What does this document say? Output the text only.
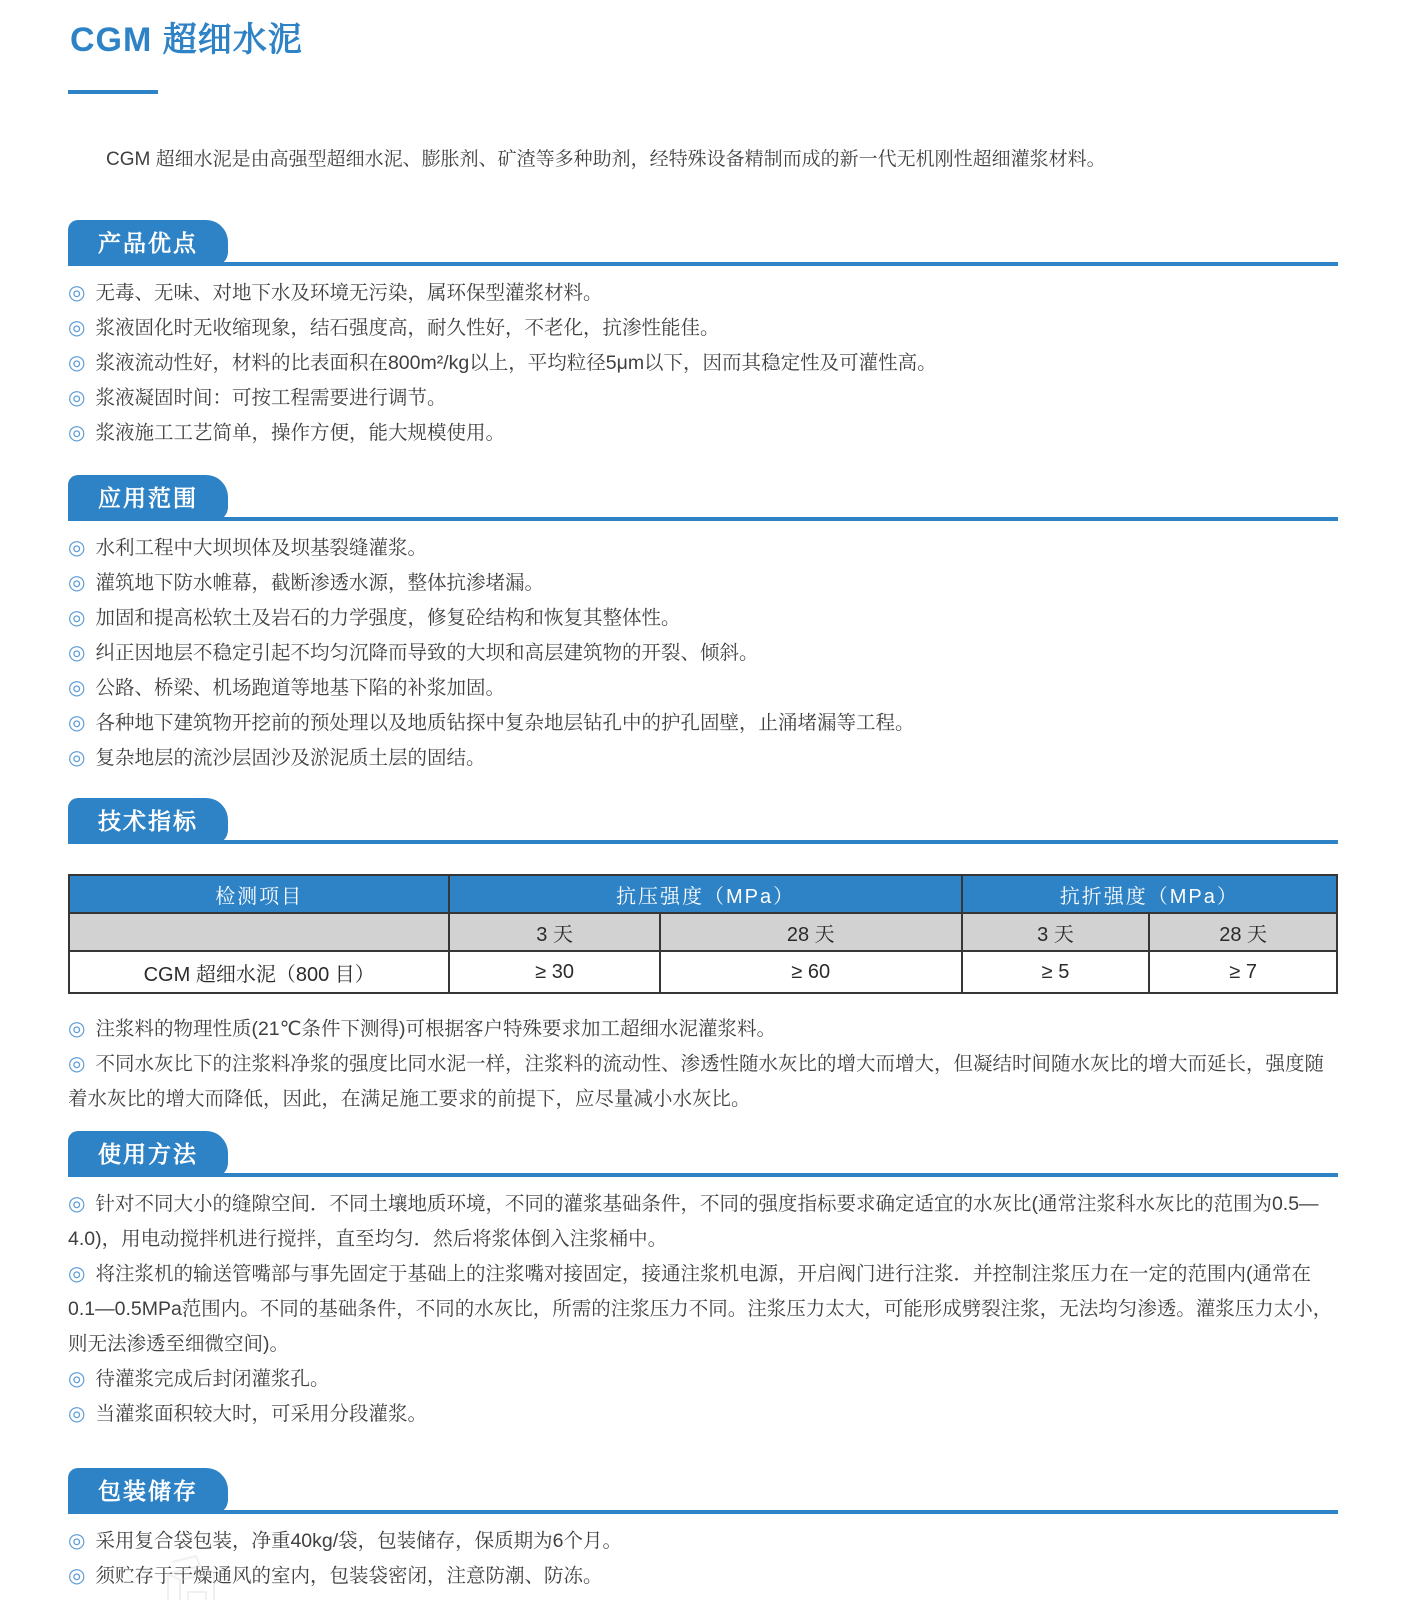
CGM 超细水泥
CGM 超细水泥是由高强型超细水泥、膨胀剂、矿渣等多种助剂，经特殊设备精制而成的新一代无机刚性超细灌浆材料。
产品优点
◎ 无毒、无味、对地下水及环境无污染，属环保型灌浆材料。
◎ 浆液固化时无收缩现象，结石强度高，耐久性好，不老化，抗渗性能佳。
◎ 浆液流动性好，材料的比表面积在800m²/kg以上，平均粒径5μm以下，因而其稳定性及可灌性高。
◎ 浆液凝固时间：可按工程需要进行调节。
◎ 浆液施工工艺简单，操作方便，能大规模使用。
应用范围
◎ 水利工程中大坝坝体及坝基裂缝灌浆。
◎ 灌筑地下防水帷幕，截断渗透水源，整体抗渗堵漏。
◎ 加固和提高松软土及岩石的力学强度，修复砼结构和恢复其整体性。
◎ 纠正因地层不稳定引起不均匀沉降而导致的大坝和高层建筑物的开裂、倾斜。
◎ 公路、桥梁、机场跑道等地基下陷的补浆加固。
◎ 各种地下建筑物开挖前的预处理以及地质钻探中复杂地层钻孔中的护孔固壁，止涌堵漏等工程。
◎ 复杂地层的流沙层固沙及淤泥质土层的固结。
技术指标
检测项目	抗压强度（MPa）		抗折强度（MPa）	
	3 天	28 天	3 天	28 天
CGM 超细水泥（800 目）	≥ 30	≥ 60	≥ 5	≥ 7
◎ 注浆料的物理性质(21℃条件下测得)可根据客户特殊要求加工超细水泥灌浆料。
◎ 不同水灰比下的注浆料净浆的强度比同水泥一样，注浆料的流动性、渗透性随水灰比的增大而增大，但凝结时间随水灰比的增大而延长，强度随着水灰比的增大而降低，因此，在满足施工要求的前提下，应尽量减小水灰比。
使用方法
◎ 针对不同大小的缝隙空间．不同土壤地质环境，不同的灌浆基础条件，不同的强度指标要求确定适宜的水灰比(通常注浆科水灰比的范围为0.5—4.0)，用电动搅拌机进行搅拌，直至均匀．然后将浆体倒入注浆桶中。
◎ 将注浆机的输送管嘴部与事先固定于基础上的注浆嘴对接固定，接通注浆机电源，开启阀门进行注浆．并控制注浆压力在一定的范围内(通常在0.1—0.5MPa范围内。不同的基础条件，不同的水灰比，所需的注浆压力不同。注浆压力太大，可能形成劈裂注浆，无法均匀渗透。灌浆压力太小，则无法渗透至细微空间)。
◎ 待灌浆完成后封闭灌浆孔。
◎ 当灌浆面积较大时，可采用分段灌浆。
包装储存
◎ 采用复合袋包装，净重40kg/袋，包装储存，保质期为6个月。
◎ 须贮存于干燥通风的室内，包装袋密闭，注意防潮、防冻。
